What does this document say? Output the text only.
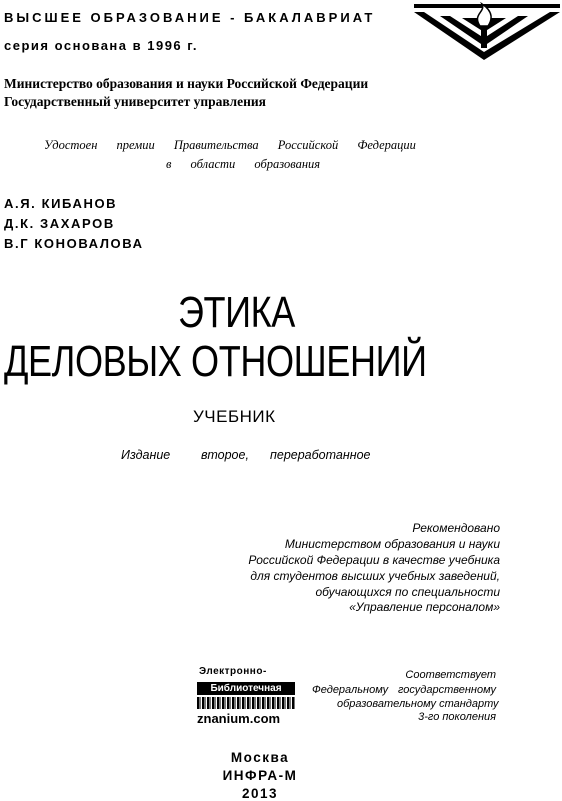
ВЫСШЕЕ ОБРАЗОВАНИЕ - БАКАЛАВРИАТ
серия основана в 1996 г.
Министерство образования и науки Российской Федерации
Государственный университет управления
Удостоен премии Правительства Российской Федерации
в области образования
А.Я. КИБАНОВ
Д.К. ЗАХАРОВ
В.Г КОНОВАЛОВА
ЭТИКА
ДЕЛОВЫХ ОТНОШЕНИЙ
УЧЕБНИК
Издание второе, переработанное
Рекомендовано
Министерством образования и науки
Российской Федерации в качестве учебника
для студентов высших учебных заведений,
обучающихся по специальности
«Управление персоналом»
Электронно-
Библиотечная
znanium.com
Соответствует
Федеральному государственному
образовательному стандарту
3-го поколения
Москва
ИНФРА-М
2013
